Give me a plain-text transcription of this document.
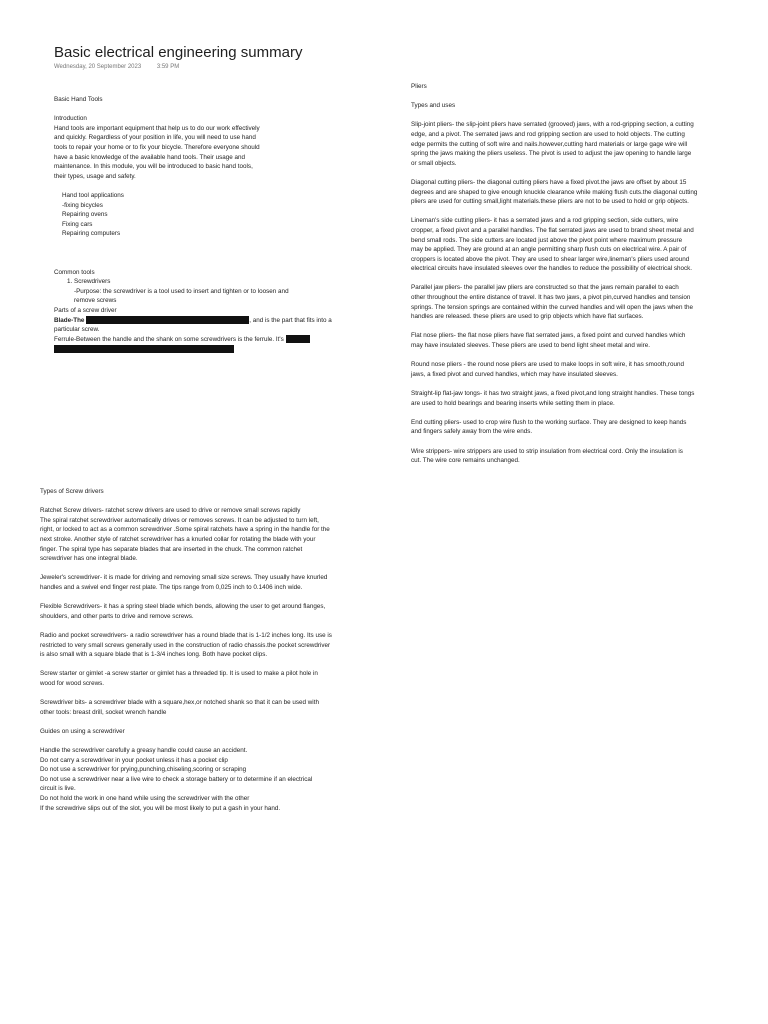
Basic electrical engineering summary
Wednesday, 20 September 2023	3:59 PM

Basic Hand Tools

Introduction

Hand tools are important equipment that help us to do our work effectively

and quickly. Regardless of your position in life, you will need to use hand

tools to repair your home or to fix your bicycle. Therefore everyone should

have a basic knowledge of the available hand tools. Their usage and

maintenance. In this module, you will be introduced to basic hand tools,

their types, usage and safety.

Hand tool applications

-fixing bicycles

Repairing ovens

Fixing cars

Repairing computers

Common tools

1. Screwdrivers

-Purpose: the screwdriver is a tool used to insert and tighten or to loosen and

remove screws

Parts of a screw driver

Blade-The	, and is the part that fits into a

particular screw.

Ferrule-Between the handle and the shank on some screwdrivers is the ferrule. It's

Types of Screw drivers

Ratchet Screw drivers- ratchet screw drivers are used to drive or remove small screws rapidly

The spiral ratchet screwdriver automatically drives or removes screws. It can be adjusted to turn left,

right, or locked to act as a common screwdriver .Some spiral ratchets have a spring in the handle for the

next stroke. Another style of ratchet screwdriver has a knurled collar for rotating the blade with your

finger. The spiral type has separate blades that are inserted in the chuck. The common ratchet

screwdriver has one integral blade.

Jeweler's screwdriver- it is made for driving and removing small size screws. They usually have knurled

handles and a swivel end finger rest plate. The tips range from 0,025 inch to 0.1406 inch wide.

Flexible Screwdrivers- it has a spring steel blade which bends, allowing the user to get around flanges,

shoulders, and other parts to drive and remove screws.

Radio and pocket screwdrivers- a radio screwdriver has a round blade that is 1-1/2 inches long. Its use is

restricted to very small screws generally used in the construction of radio chassis.the pocket screwdriver

is also small with a square blade that is 1-3/4 inches long. Both have pocket clips.

Screw starter or gimlet -a screw starter or gimlet has a threaded tip. It is used to make a pilot hole in

wood for wood screws.

Screwdriver bits- a screwdriver blade with a square,hex,or notched shank so that it can be used with

other tools: breast drill, socket wrench handle

Guides on using a screwdriver

Handle the screwdriver carefully a greasy handle could cause an accident.

Do not carry a screwdriver in your pocket unless it has a pocket clip

Do not use a screwdriver for prying,punching,chiseling,scoring or scraping

Do not use a screwdriver near a live wire to check a storage battery or to determine if an electrical

circuit is live.

Do not hold the work in one hand while using the screwdriver with the other

If the screwdrive slips out of the slot, you will be most likely to put a gash in your hand.

Pliers

Types and uses

Slip-joint pliers- the slip-joint pliers have serrated (grooved) jaws, with a rod-gripping section, a cutting

edge, and a pivot. The serrated jaws and rod gripping section are used to hold objects. The cutting

edge permits the cutting of soft wire and nails.however,cutting hard materials or large gage wire will

spring the jaws making the pliers useless. The pivot is used to adjust the jaw opening to handle large

or small objects.

Diagonal cutting pliers- the diagonal cutting pliers have a fixed pivot.the jaws are offset by about 15

degrees and are shaped to give enough knuckle clearance while making flush cuts.the diagonal cutting

pliers are used for cutting small,light materials.these pliers are not to be used to hold or grip objects.

Lineman's side cutting pliers- it has a serrated jaws and a rod gripping section, side cutters, wire

cropper, a fixed pivot and a parallel handles. The flat serrated jaws are used to brand sheet metal and

bend small rods. The side cutters are located just above the pivot point where maximum pressure

may be applied. They are ground at an angle permitting sharp flush cuts on electrical wire. A pair of

croppers is located above the pivot. They are used to shear larger wire,lineman's pliers used around

electrical circuits have insulated sleeves over the handles to reduce the possibility of electrical shock.

Parallel jaw pliers- the parallel jaw pliers are constructed so that the jaws remain parallel to each

other throughout the entire distance of travel. It has two jaws, a pivot pin,curved handles and tension

springs. The tension springs are contained within the curved handles and will open the jaws when the

handles are released. these pliers are used to grip objects which have flat surfaces.

Flat nose pliers- the flat nose pliers have flat serrated jaws, a fixed point and curved handles which

may have insulated sleeves. These pliers are used to bend light sheet metal and wire.

Round nose pliers - the round nose pliers are used to make loops in soft wire, it has smooth,round

jaws, a fixed pivot and curved handles, which may have insulated sleeves.

Straight-lip flat-jaw tongs- it has two straight jaws, a fixed pivot,and long straight handles. These tongs

are used to hold bearings and bearing inserts while setting them in place.

End cutting pliers- used to crop wire flush to the working surface. They are designed to keep hands

and fingers safely away from the wire ends.

Wire strippers- wire strippers are used to strip insulation from electrical cord. Only the insulation is

cut. The wire core remains unchanged.
